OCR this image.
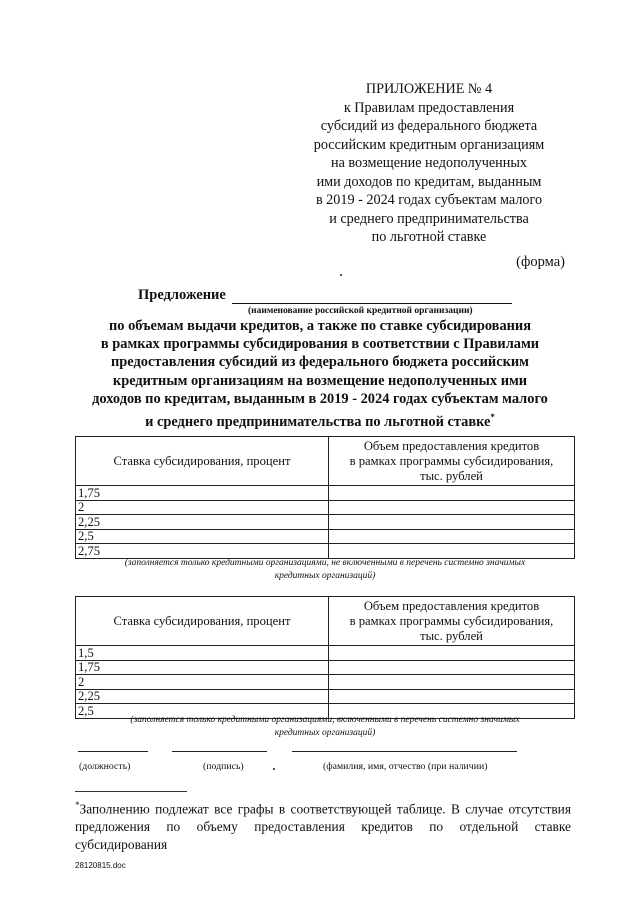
ПРИЛОЖЕНИЕ № 4
к Правилам предоставления
субсидий из федерального бюджета
российским кредитным организациям
на возмещение недополученных
ими доходов по кредитам, выданным
в 2019 - 2024 годах субъектам малого
и среднего предпринимательства
по льготной ставке
(форма)
Предложение
(наименование российской кредитной организации)
по объемам выдачи кредитов, а также по ставке субсидирования
в рамках программы субсидирования в соответствии с Правилами
предоставления субсидий из федерального бюджета российским
кредитным организациям на возмещение недополученных ими
доходов по кредитам, выданным в 2019 - 2024 годах субъектам малого
и среднего предпринимательства по льготной ставке*
Ставка субсидирования, процент	Объем предоставления кредитов
в рамках программы субсидирования,
тыс. рублей

1,75	
2	
2,25	
2,5	
2,75	
(заполняется только кредитными организациями, не включенными в перечень системно значимых
кредитных организаций)
Ставка субсидирования, процент	Объем предоставления кредитов
в рамках программы субсидирования,
тыс. рублей

1,5	
1,75	
2	
2,25	
2,5	
(заполняется только кредитными организациями, включенными в перечень системно значимых
кредитных организаций)
(должность)	(подпись)	(фамилия, имя, отчество (при наличии)
*Заполнению подлежат все графы в соответствующей таблице. В случае отсутствия
предложения по объему предоставления кредитов по отдельной ставке субсидирования
28120815.doc
